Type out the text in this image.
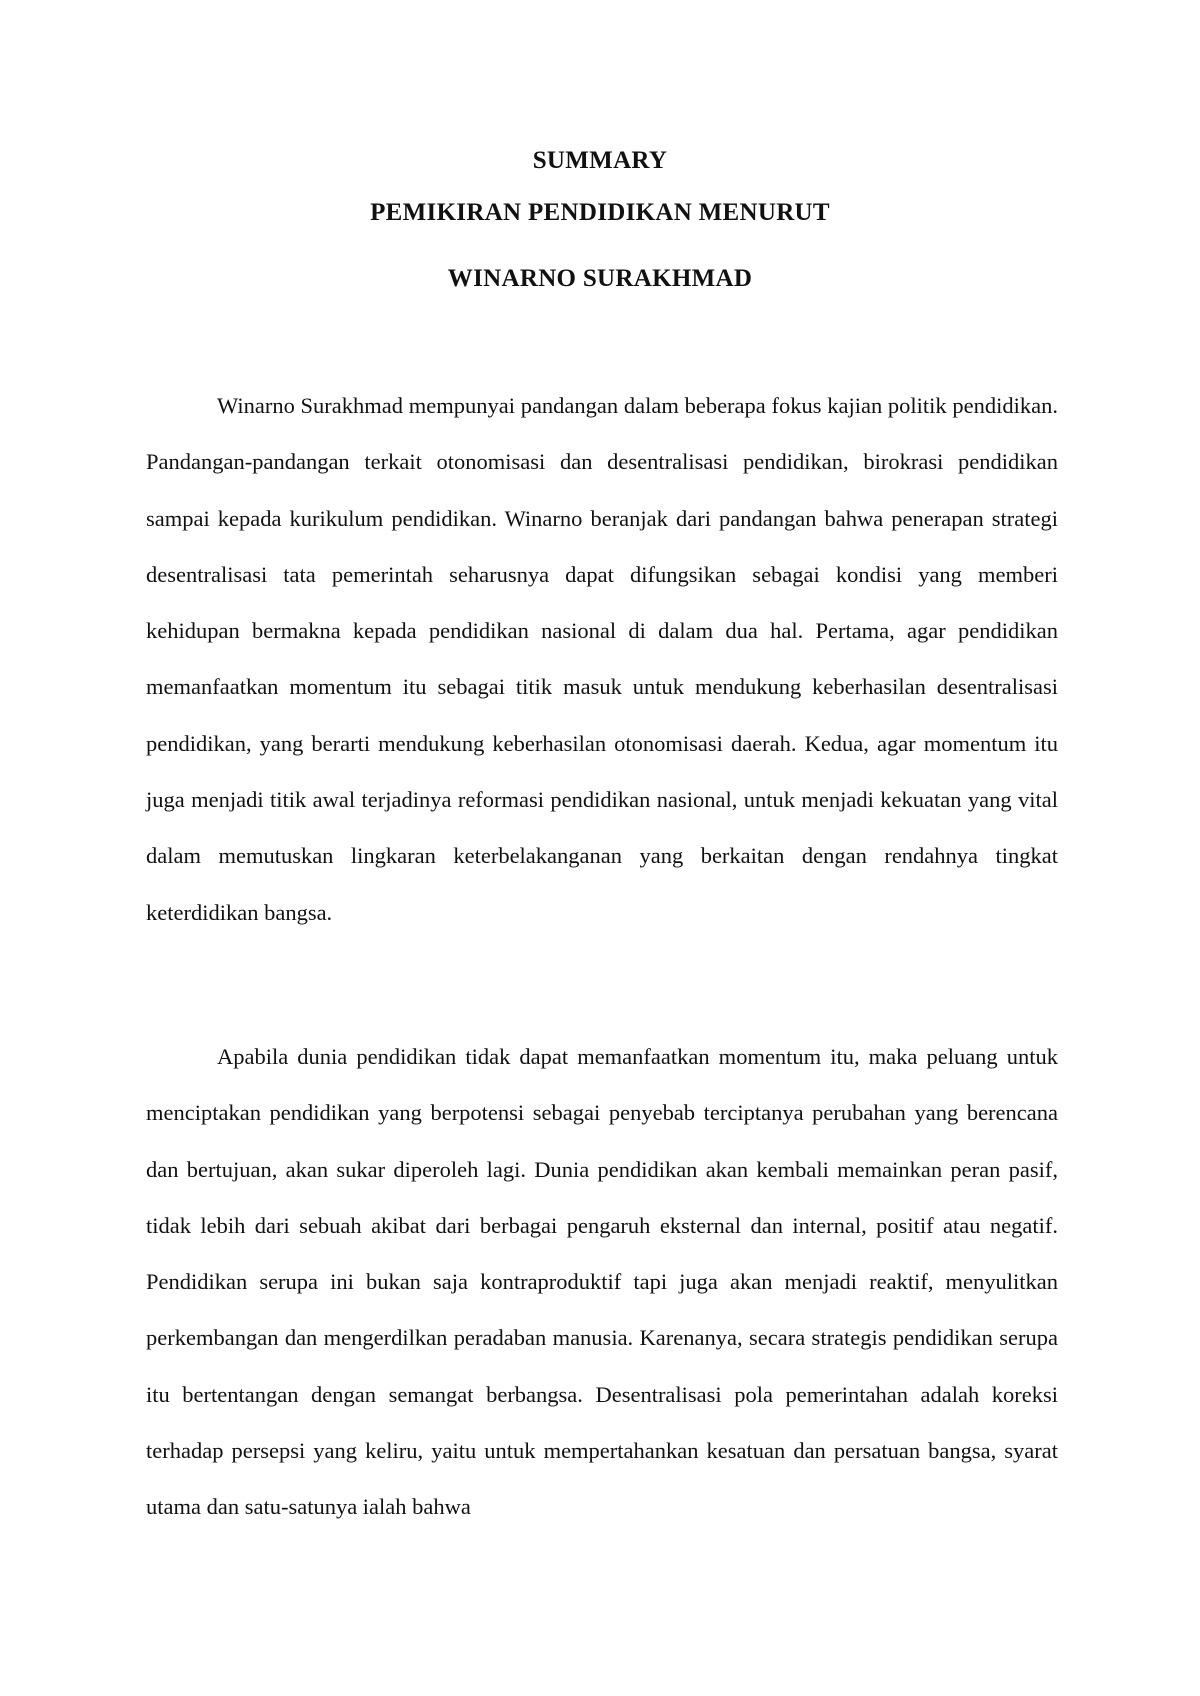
SUMMARY
PEMIKIRAN PENDIDIKAN MENURUT
WINARNO SURAKHMAD

Winarno Surakhmad mempunyai pandangan dalam beberapa fokus kajian politik pendidikan. Pandangan-pandangan terkait otonomisasi dan desentralisasi pendidikan, birokrasi pendidikan sampai kepada kurikulum pendidikan. Winarno beranjak dari pandangan bahwa penerapan strategi desentralisasi tata pemerintah seharusnya dapat difungsikan sebagai kondisi yang memberi kehidupan bermakna kepada pendidikan nasional di dalam dua hal. Pertama, agar pendidikan memanfaatkan momentum itu sebagai titik masuk untuk mendukung keberhasilan desentralisasi pendidikan, yang berarti mendukung keberhasilan otonomisasi daerah. Kedua, agar momentum itu juga menjadi titik awal terjadinya reformasi pendidikan nasional, untuk menjadi kekuatan yang vital dalam memutuskan lingkaran keterbelakanganan yang berkaitan dengan rendahnya tingkat keterdidikan bangsa.

Apabila dunia pendidikan tidak dapat memanfaatkan momentum itu, maka peluang untuk menciptakan pendidikan yang berpotensi sebagai penyebab terciptanya perubahan yang berencana dan bertujuan, akan sukar diperoleh lagi. Dunia pendidikan akan kembali memainkan peran pasif, tidak lebih dari sebuah akibat dari berbagai pengaruh eksternal dan internal, positif atau negatif. Pendidikan serupa ini bukan saja kontraproduktif tapi juga akan menjadi reaktif, menyulitkan perkembangan dan mengerdilkan peradaban manusia. Karenanya, secara strategis pendidikan serupa itu bertentangan dengan semangat berbangsa. Desentralisasi pola pemerintahan adalah koreksi terhadap persepsi yang keliru, yaitu untuk mempertahankan kesatuan dan persatuan bangsa, syarat utama dan satu-satunya ialah bahwa
